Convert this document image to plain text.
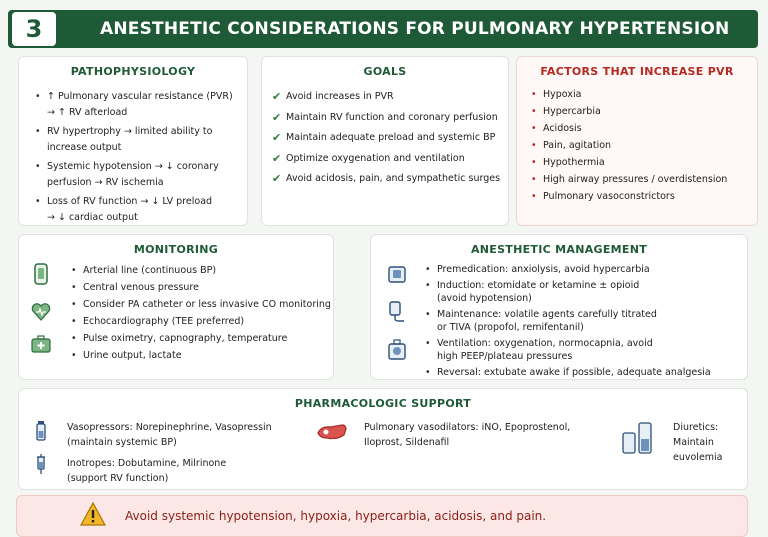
3	ANESTHETIC CONSIDERATIONS FOR PULMONARY HYPERTENSION
PATHOPHYSIOLOGY
• ↑ Pulmonary vascular resistance (PVR)
→ ↑ RV afterload
• RV hypertrophy → limited ability to
increase output
• Systemic hypotension → ↓ coronary
perfusion → RV ischemia
• Loss of RV function → ↓ LV preload
→ ↓ cardiac output
GOALS
✔ Avoid increases in PVR
✔ Maintain RV function and coronary perfusion
✔ Maintain adequate preload and systemic BP
✔ Optimize oxygenation and ventilation
✔ Avoid acidosis, pain, and sympathetic surges
FACTORS THAT INCREASE PVR
• Hypoxia
• Hypercarbia
• Acidosis
• Pain, agitation
• Hypothermia
• High airway pressures / overdistension
• Pulmonary vasoconstrictors
MONITORING
• Arterial line (continuous BP)
• Central venous pressure
• Consider PA catheter or less invasive CO monitoring
• Echocardiography (TEE preferred)
• Pulse oximetry, capnography, temperature
• Urine output, lactate
ANESTHETIC MANAGEMENT
• Premedication: anxiolysis, avoid hypercarbia
• Induction: etomidate or ketamine ± opioid
(avoid hypotension)
• Maintenance: volatile agents carefully titrated
or TIVA (propofol, remifentanil)
• Ventilation: oxygenation, normocapnia, avoid
high PEEP/plateau pressures
• Reversal: extubate awake if possible, adequate analgesia
PHARMACOLOGIC SUPPORT
Vasopressors: Norepinephrine, Vasopressin
(maintain systemic BP)
Inotropes: Dobutamine, Milrinone
(support RV function)
Pulmonary vasodilators: iNO, Epoprostenol,
Iloprost, Sildenafil
Diuretics:
Maintain
euvolemia
Avoid systemic hypotension, hypoxia, hypercarbia, acidosis, and pain.
